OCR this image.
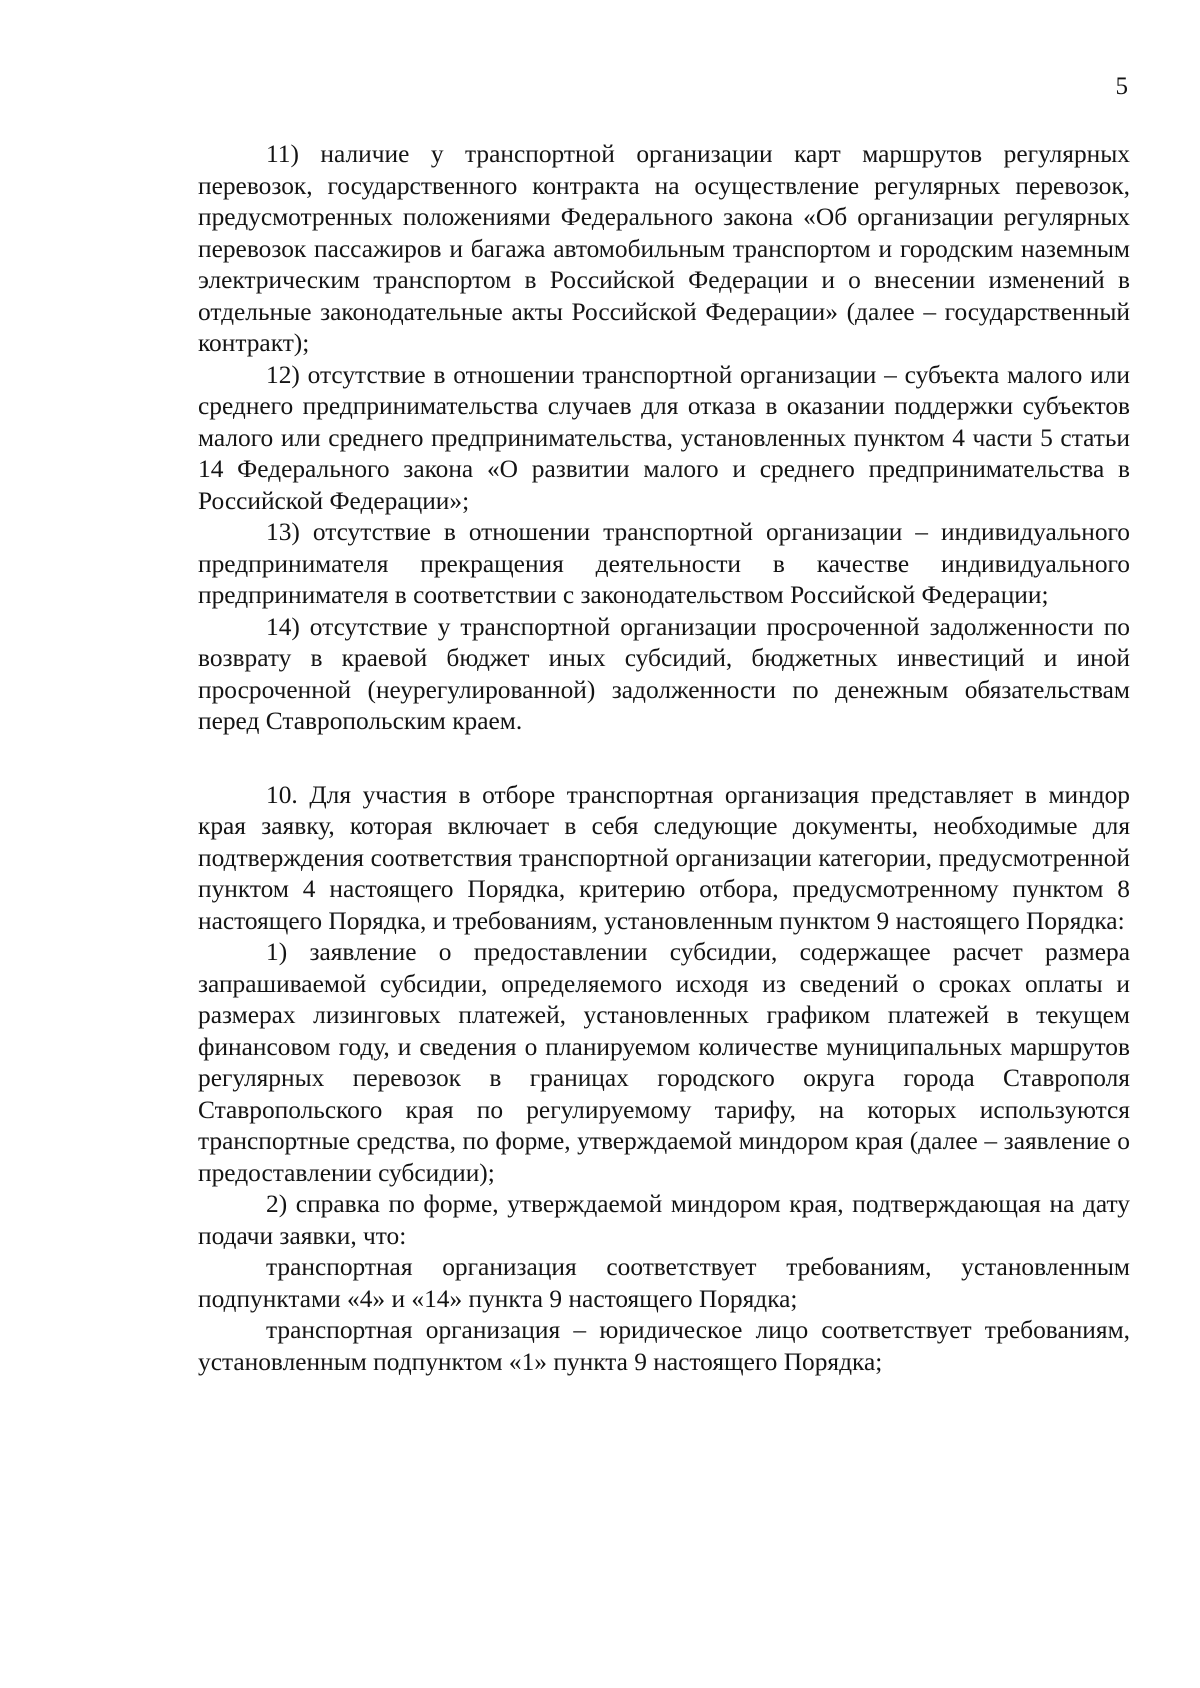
5

11) наличие у транспортной организации карт маршрутов регулярных перевозок, государственного контракта на осуществление регулярных перевозок, предусмотренных положениями Федерального закона «Об организации регулярных перевозок пассажиров и багажа автомобильным транспортом и городским наземным электрическим транспортом в Российской Федерации и о внесении изменений в отдельные законодательные акты Российской Федерации» (далее – государственный контракт);

12) отсутствие в отношении транспортной организации – субъекта малого или среднего предпринимательства случаев для отказа в оказании поддержки субъектов малого или среднего предпринимательства, установленных пунктом 4 части 5 статьи 14 Федерального закона «О развитии малого и среднего предпринимательства в Российской Федерации»;

13) отсутствие в отношении транспортной организации – индивидуального предпринимателя прекращения деятельности в качестве индивидуального предпринимателя в соответствии с законодательством Российской Федерации;

14) отсутствие у транспортной организации просроченной задолженности по возврату в краевой бюджет иных субсидий, бюджетных инвестиций и иной просроченной (неурегулированной) задолженности по денежным обязательствам перед Ставропольским краем.

10. Для участия в отборе транспортная организация представляет в миндор края заявку, которая включает в себя следующие документы, необходимые для подтверждения соответствия транспортной организации категории, предусмотренной пунктом 4 настоящего Порядка, критерию отбора, предусмотренному пунктом 8 настоящего Порядка, и требованиям, установленным пунктом 9 настоящего Порядка:

1) заявление о предоставлении субсидии, содержащее расчет размера запрашиваемой субсидии, определяемого исходя из сведений о сроках оплаты и размерах лизинговых платежей, установленных графиком платежей в текущем финансовом году, и сведения о планируемом количестве муниципальных маршрутов регулярных перевозок в границах городского округа города Ставрополя Ставропольского края по регулируемому тарифу, на которых используются транспортные средства, по форме, утверждаемой миндором края (далее – заявление о предоставлении субсидии);

2) справка по форме, утверждаемой миндором края, подтверждающая на дату подачи заявки, что:

транспортная организация соответствует требованиям, установленным подпунктами «4» и «14» пункта 9 настоящего Порядка;

транспортная организация – юридическое лицо соответствует требованиям, установленным подпунктом «1» пункта 9 настоящего Порядка;
